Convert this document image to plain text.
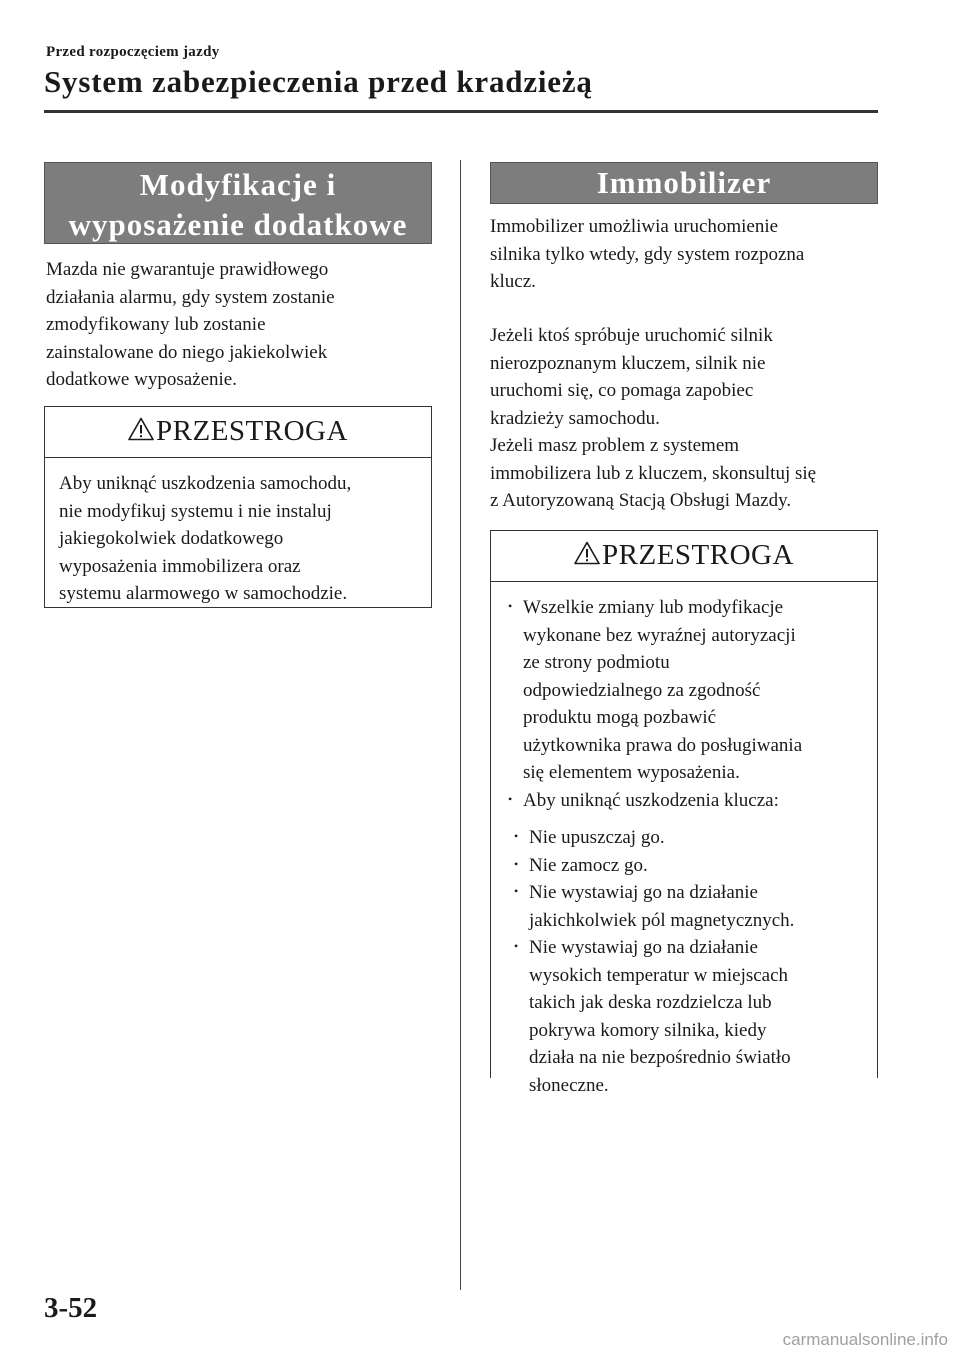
Przed rozpoczęciem jazdy
System zabezpieczenia przed kradzieżą
Modyfikacje i
wyposażenie dodatkowe
Mazda nie gwarantuje prawidłowego
działania alarmu, gdy system zostanie
zmodyfikowany lub zostanie
zainstalowane do niego jakiekolwiek
dodatkowe wyposażenie.
PRZESTROGA
Aby uniknąć uszkodzenia samochodu,
nie modyfikuj systemu i nie instaluj
jakiegokolwiek dodatkowego
wyposażenia immobilizera oraz
systemu alarmowego w samochodzie.
Immobilizer
Immobilizer umożliwia uruchomienie
silnika tylko wtedy, gdy system rozpozna
klucz.
Jeżeli ktoś spróbuje uruchomić silnik
nierozpoznanym kluczem, silnik nie
uruchomi się, co pomaga zapobiec
kradzieży samochodu.
Jeżeli masz problem z systemem
immobilizera lub z kluczem, skonsultuj się
z Autoryzowaną Stacją Obsługi Mazdy.
PRZESTROGA
• Wszelkie zmiany lub modyfikacje
wykonane bez wyraźnej autoryzacji
ze strony podmiotu
odpowiedzialnego za zgodność
produktu mogą pozbawić
użytkownika prawa do posługiwania
się elementem wyposażenia.
• Aby uniknąć uszkodzenia klucza:
• Nie upuszczaj go.
• Nie zamocz go.
• Nie wystawiaj go na działanie
jakichkolwiek pól magnetycznych.
• Nie wystawiaj go na działanie
wysokich temperatur w miejscach
takich jak deska rozdzielcza lub
pokrywa komory silnika, kiedy
działa na nie bezpośrednio światło
słoneczne.
3-52
carmanualsonline.info
